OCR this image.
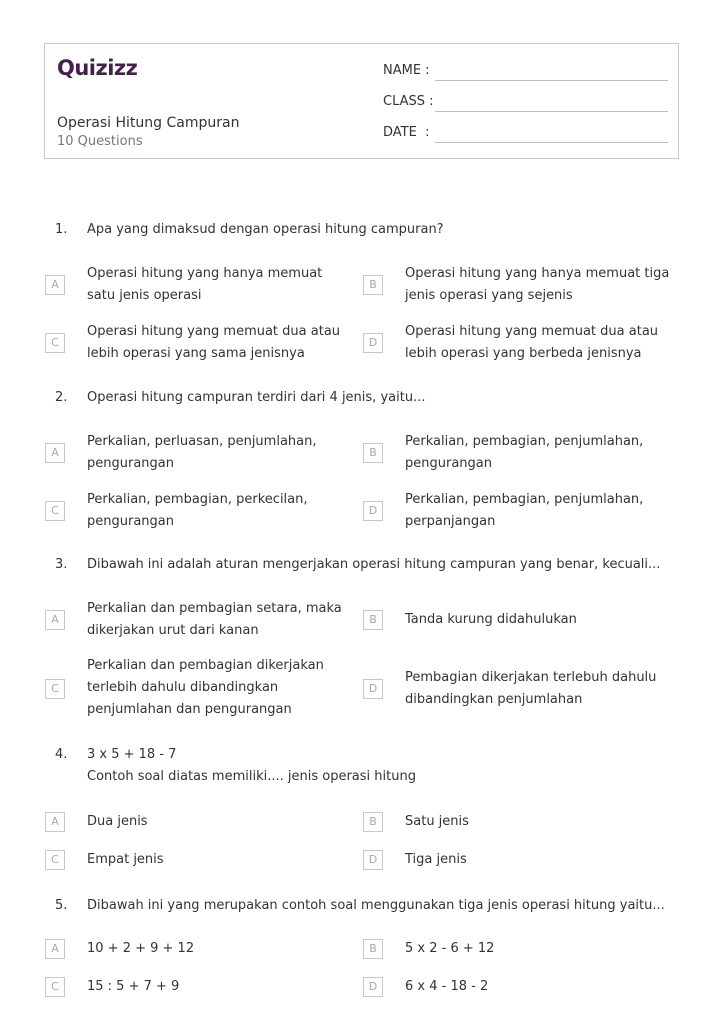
Quizizz
Operasi Hitung Campuran
10 Questions
NAME :
CLASS :
DATE  :
1. Apa yang dimaksud dengan operasi hitung campuran?
A
Operasi hitung yang hanya memuat
satu jenis operasi
B
Operasi hitung yang hanya memuat tiga
jenis operasi yang sejenis
C
Operasi hitung yang memuat dua atau
lebih operasi yang sama jenisnya
D
Operasi hitung yang memuat dua atau
lebih operasi yang berbeda jenisnya
2. Operasi hitung campuran terdiri dari 4 jenis, yaitu...
A
Perkalian, perluasan, penjumlahan,
pengurangan
B
Perkalian, pembagian, penjumlahan,
pengurangan
C
Perkalian, pembagian, perkecilan,
pengurangan
D
Perkalian, pembagian, penjumlahan,
perpanjangan
3. Dibawah ini adalah aturan mengerjakan operasi hitung campuran yang benar, kecuali...
A
Perkalian dan pembagian setara, maka
dikerjakan urut dari kanan
B	Tanda kurung didahulukan
C
Perkalian dan pembagian dikerjakan
terlebih dahulu dibandingkan
penjumlahan dan pengurangan
D
Pembagian dikerjakan terlebuh dahulu
dibandingkan penjumlahan
4. 3 x 5 + 18 - 7
Contoh soal diatas memiliki.... jenis operasi hitung
A	Dua jenis	B	Satu jenis
C	Empat jenis	D	Tiga jenis
5. Dibawah ini yang merupakan contoh soal menggunakan tiga jenis operasi hitung yaitu...
A	10 + 2 + 9 + 12	B	5 x 2 - 6 + 12
C	15 : 5 + 7 + 9	D	6 x 4 - 18 - 2
